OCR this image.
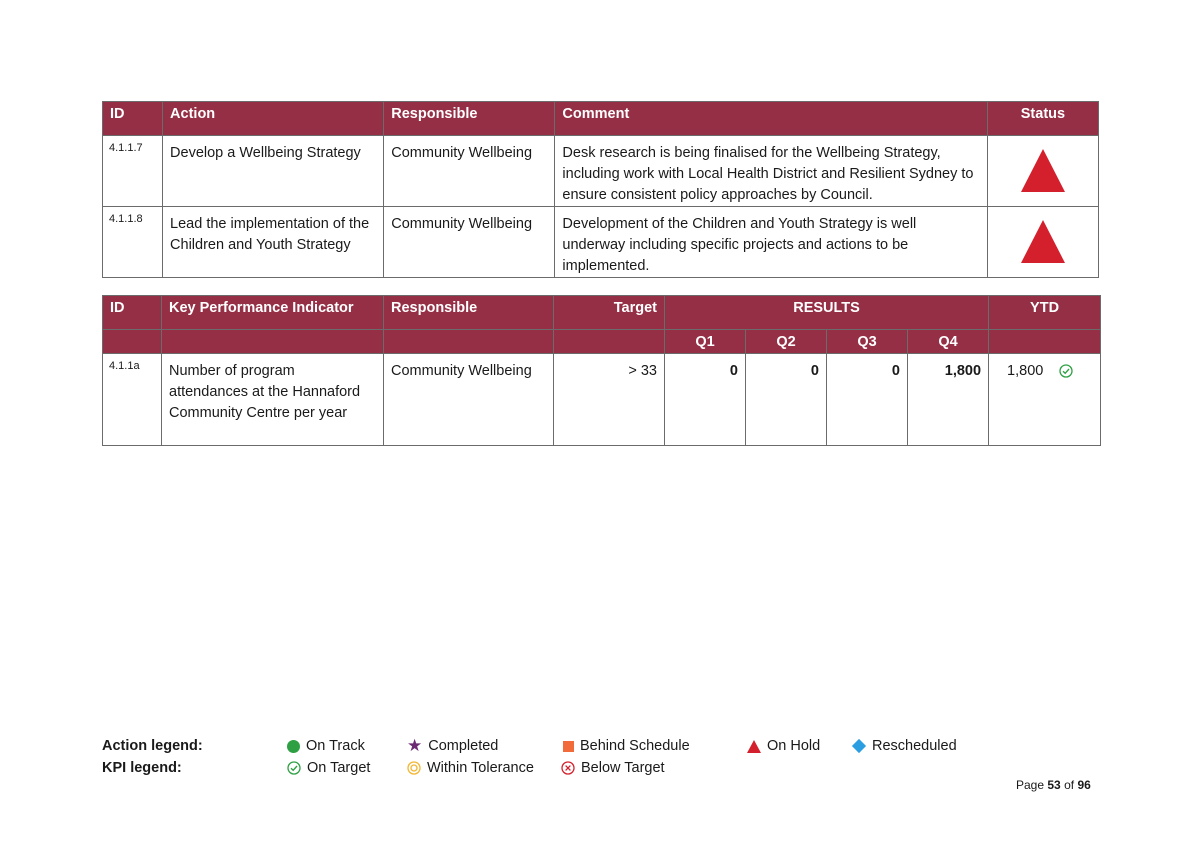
ID	Action	Responsible	Comment	Status
4.1.1.7	Develop a Wellbeing Strategy	Community Wellbeing	Desk research is being finalised for the Wellbeing Strategy, including work with Local Health District and Resilient Sydney to ensure consistent policy approaches by Council.	

4.1.1.8	Lead the implementation of the Children and Youth Strategy	Community Wellbeing	Development of the Children and Youth Strategy is well underway including specific projects and actions to be implemented.	
ID	Key Performance Indicator	Responsible	Target	RESULTS				YTD
				Q1	Q2	Q3	Q4	
4.1.1a	Number of program attendances at the Hannaford Community Centre per year	Community Wellbeing	> 33	0	0	0	1,800	1,800
Action legend:
KPI legend:
On Track ★ Completed	Behind Schedule	On Hold	Rescheduled
On Target	Within Tolerance	Below Target
Page 53 of 96
